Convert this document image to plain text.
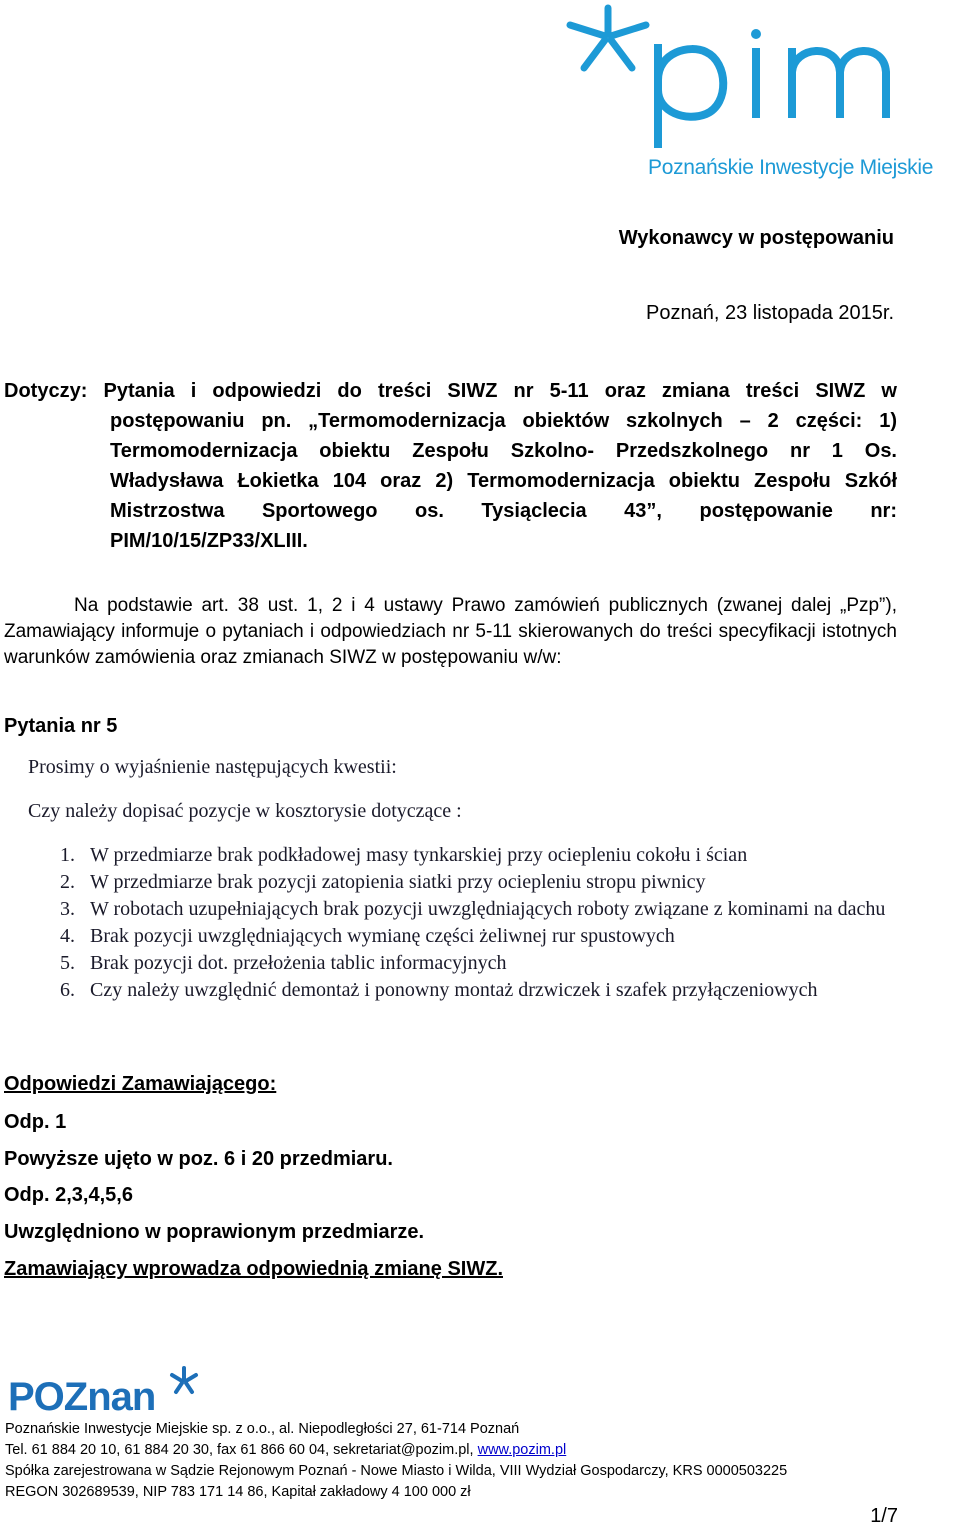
Poznańskie Inwestycje Miejskie
Wykonawcy w postępowaniu
Poznań, 23 listopada 2015r.
Dotyczy: Pytania i odpowiedzi do treści SIWZ nr 5-11 oraz zmiana treści SIWZ w
postępowaniu pn. „Termomodernizacja obiektów szkolnych – 2 części: 1)
Termomodernizacja obiektu Zespołu Szkolno- Przedszkolnego nr 1 Os.
Władysława Łokietka 104 oraz 2) Termomodernizacja obiektu Zespołu Szkół
Mistrzostwa Sportowego os. Tysiąclecia 43”, postępowanie nr:
PIM/10/15/ZP33/XLIII.
Na podstawie art. 38 ust. 1, 2 i 4 ustawy Prawo zamówień publicznych (zwanej dalej „Pzp”), Zamawiający informuje o pytaniach i odpowiedziach nr 5-11 skierowanych do treści specyfikacji istotnych warunków zamówienia oraz zmianach SIWZ w postępowaniu w/w:
Pytania nr 5
Prosimy o wyjaśnienie następujących kwestii:
Czy należy dopisać pozycje w kosztorysie dotyczące :
1. W przedmiarze brak podkładowej masy tynkarskiej przy ociepleniu cokołu i ścian
2. W przedmiarze brak pozycji zatopienia siatki przy ociepleniu stropu piwnicy
3. W robotach uzupełniających brak pozycji uwzględniających roboty związane z kominami na dachu
4. Brak pozycji uwzględniających wymianę części żeliwnej rur spustowych
5. Brak pozycji dot. przełożenia tablic informacyjnych
6. Czy należy uwzględnić demontaż i ponowny montaż drzwiczek i szafek przyłączeniowych
Odpowiedzi Zamawiającego:
Odp. 1
Powyższe ujęto w poz. 6 i 20 przedmiaru.
Odp. 2,3,4,5,6
Uwzględniono w poprawionym przedmiarze.
Zamawiający wprowadza odpowiednią zmianę SIWZ.
POZnan
Poznańskie Inwestycje Miejskie sp. z o.o., al. Niepodległości 27, 61-714 Poznań
Tel. 61 884 20 10, 61 884 20 30, fax 61 866 60 04, sekretariat@pozim.pl, www.pozim.pl
Spółka zarejestrowana w Sądzie Rejonowym Poznań - Nowe Miasto i Wilda, VIII Wydział Gospodarczy, KRS 0000503225
REGON 302689539, NIP 783 171 14 86, Kapitał zakładowy 4 100 000 zł
1/7
